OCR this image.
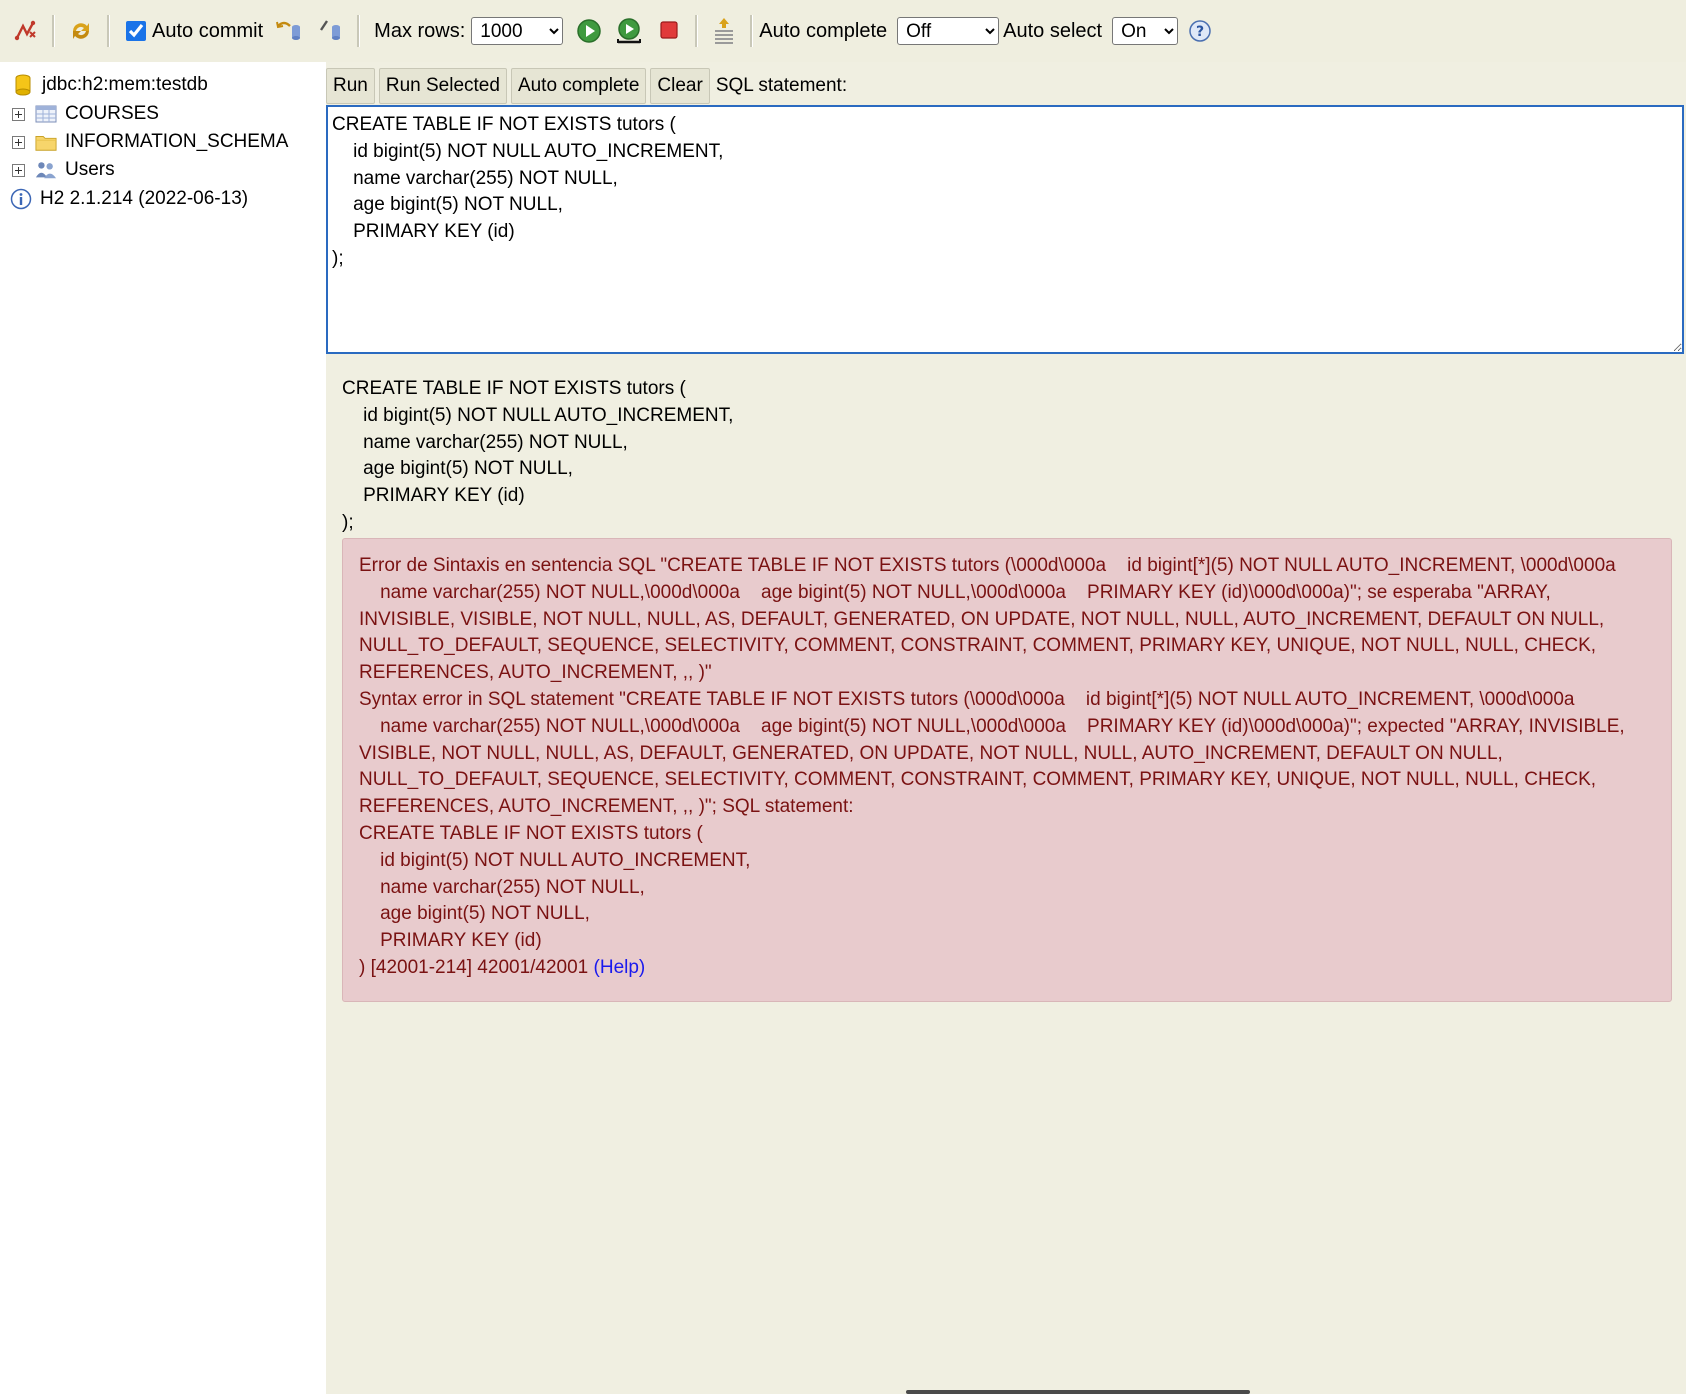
Auto commit	Max rows:
1000	Auto complete
Off	Auto select
On	?
jdbc:h2:mem:testdb
COURSES
INFORMATION_SCHEMA
Users
H2 2.1.214 (2022-06-13)
Run Run Selected Auto complete Clear SQL statement:
CREATE TABLE IF NOT EXISTS tutors ( id bigint(5) NOT NULL AUTO_INCREMENT, name varchar(255) NOT NULL, age bigint(5) NOT NULL, PRIMARY KEY (id) );
CREATE TABLE IF NOT EXISTS tutors (
id bigint(5) NOT NULL AUTO_INCREMENT,
name varchar(255) NOT NULL,
age bigint(5) NOT NULL,
PRIMARY KEY (id)
);
Error de Sintaxis en sentencia SQL "CREATE TABLE IF NOT EXISTS tutors (\000d\000a    id bigint[*](5) NOT NULL AUTO_INCREMENT, \000d\000a
name varchar(255) NOT NULL,\000d\000a    age bigint(5) NOT NULL,\000d\000a    PRIMARY KEY (id)\000d\000a)"; se esperaba "ARRAY,
INVISIBLE, VISIBLE, NOT NULL, NULL, AS, DEFAULT, GENERATED, ON UPDATE, NOT NULL, NULL, AUTO_INCREMENT, DEFAULT ON NULL,
NULL_TO_DEFAULT, SEQUENCE, SELECTIVITY, COMMENT, CONSTRAINT, COMMENT, PRIMARY KEY, UNIQUE, NOT NULL, NULL, CHECK,
REFERENCES, AUTO_INCREMENT, ,, )"
Syntax error in SQL statement "CREATE TABLE IF NOT EXISTS tutors (\000d\000a    id bigint[*](5) NOT NULL AUTO_INCREMENT, \000d\000a
name varchar(255) NOT NULL,\000d\000a    age bigint(5) NOT NULL,\000d\000a    PRIMARY KEY (id)\000d\000a)"; expected "ARRAY, INVISIBLE,
VISIBLE, NOT NULL, NULL, AS, DEFAULT, GENERATED, ON UPDATE, NOT NULL, NULL, AUTO_INCREMENT, DEFAULT ON NULL,
NULL_TO_DEFAULT, SEQUENCE, SELECTIVITY, COMMENT, CONSTRAINT, COMMENT, PRIMARY KEY, UNIQUE, NOT NULL, NULL, CHECK,
REFERENCES, AUTO_INCREMENT, ,, )"; SQL statement:
CREATE TABLE IF NOT EXISTS tutors (
id bigint(5) NOT NULL AUTO_INCREMENT,
name varchar(255) NOT NULL,
age bigint(5) NOT NULL,
PRIMARY KEY (id)
) [42001-214] 42001/42001 (Help)
